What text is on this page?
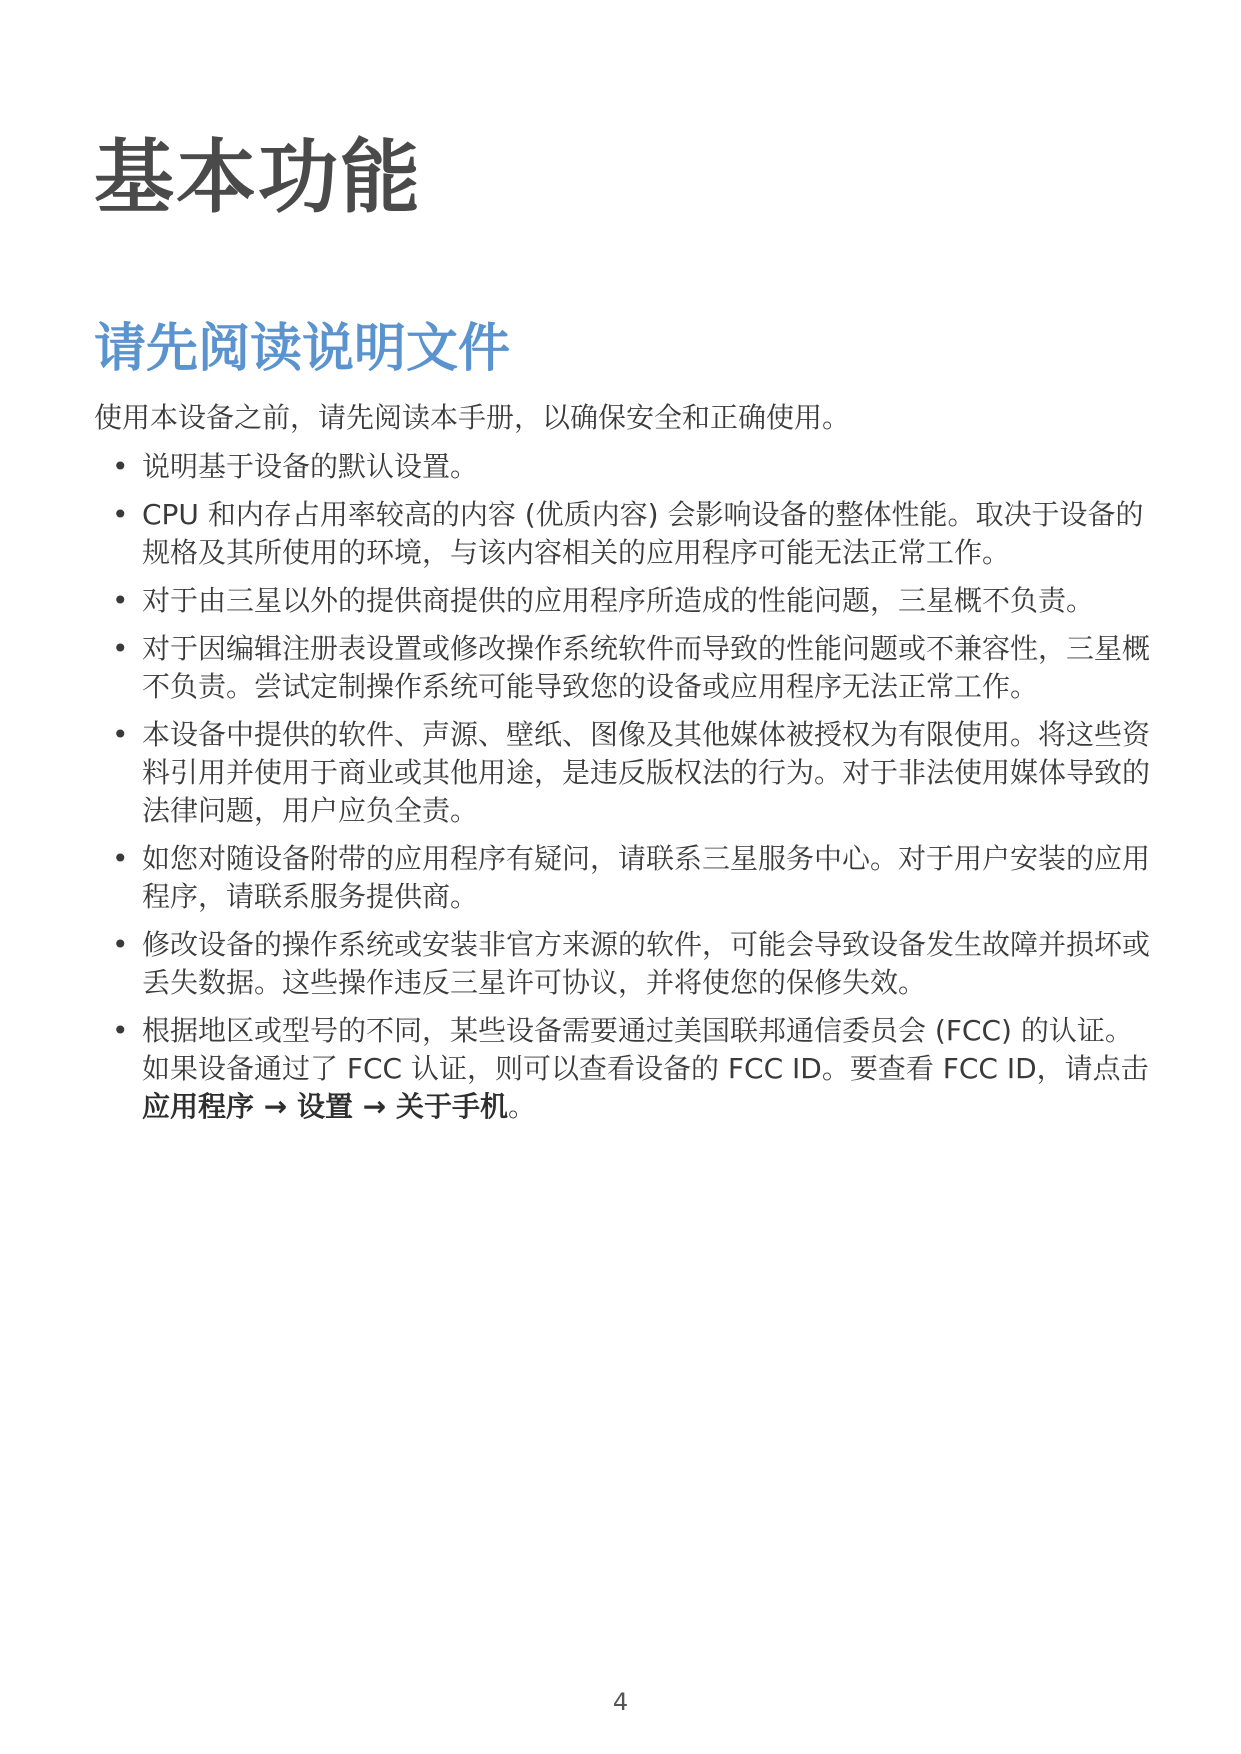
基本功能
请先阅读说明文件

使用本设备之前，请先阅读本手册，以确保安全和正确使用。

• 说明基于设备的默认设置。
• CPU 和内存占用率较高的内容 (优质内容) 会影响设备的整体性能。取决于设备的规格及其所使用的环境，与该内容相关的应用程序可能无法正常工作。
• 对于由三星以外的提供商提供的应用程序所造成的性能问题，三星概不负责。
• 对于因编辑注册表设置或修改操作系统软件而导致的性能问题或不兼容性，三星概不负责。尝试定制操作系统可能导致您的设备或应用程序无法正常工作。
• 本设备中提供的软件、声源、壁纸、图像及其他媒体被授权为有限使用。将这些资料引用并使用于商业或其他用途，是违反版权法的行为。对于非法使用媒体导致的法律问题，用户应负全责。
• 如您对随设备附带的应用程序有疑问，请联系三星服务中心。对于用户安装的应用程序，请联系服务提供商。
• 修改设备的操作系统或安装非官方来源的软件，可能会导致设备发生故障并损坏或丢失数据。这些操作违反三星许可协议，并将使您的保修失效。
• 根据地区或型号的不同，某些设备需要通过美国联邦通信委员会 (FCC) 的认证。如果设备通过了 FCC 认证，则可以查看设备的 FCC ID。要查看 FCC ID，请点击应用程序 → 设置 → 关于手机。
4
